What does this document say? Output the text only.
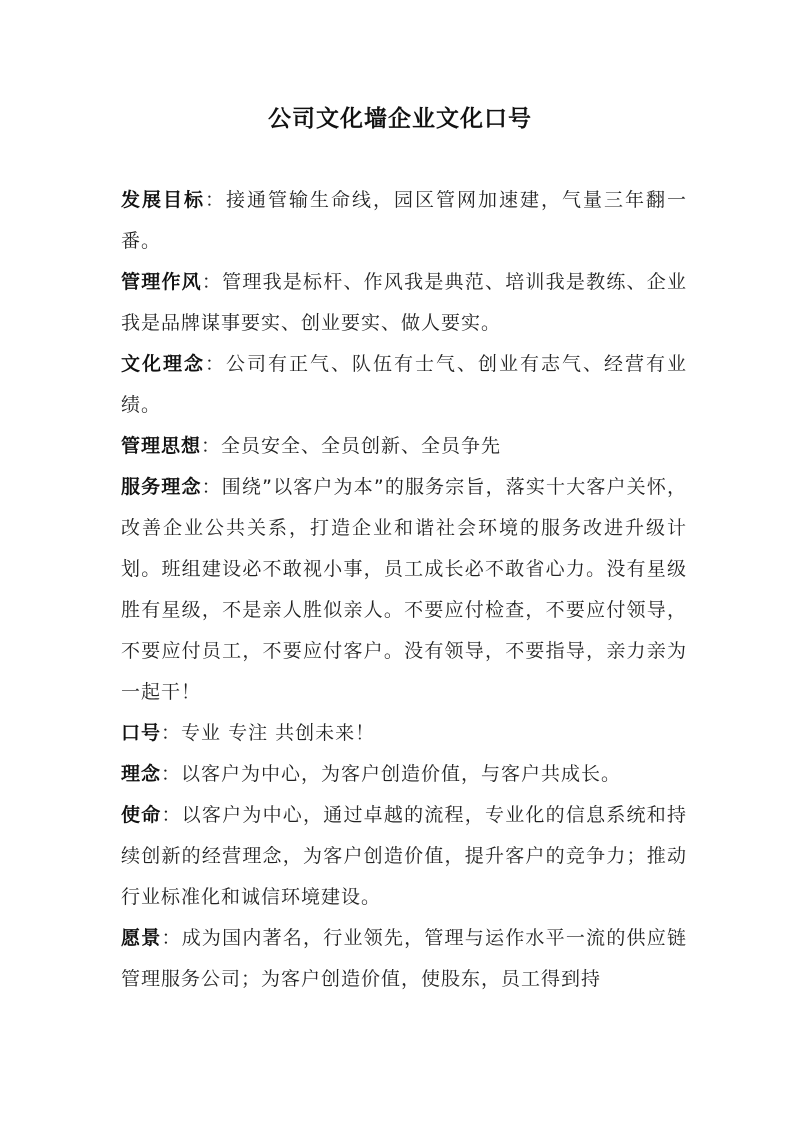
公司文化墙企业文化口号

发展目标：接通管输生命线，园区管网加速建，气量三年翻一番。

管理作风：管理我是标杆、作风我是典范、培训我是教练、企业我是品牌谋事要实、创业要实、做人要实。

文化理念：公司有正气、队伍有士气、创业有志气、经营有业绩。

管理思想：全员安全、全员创新、全员争先

服务理念：围绕”以客户为本”的服务宗旨，落实十大客户关怀，改善企业公共关系，打造企业和谐社会环境的服务改进升级计划。班组建设必不敢视小事，员工成长必不敢省心力。没有星级胜有星级，不是亲人胜似亲人。不要应付检查，不要应付领导，不要应付员工，不要应付客户。没有领导，不要指导，亲力亲为一起干！

口号：专业 专注 共创未来！

理念：以客户为中心，为客户创造价值，与客户共成长。

使命：以客户为中心，通过卓越的流程，专业化的信息系统和持续创新的经营理念，为客户创造价值，提升客户的竞争力；推动行业标准化和诚信环境建设。

愿景：成为国内著名，行业领先，管理与运作水平一流的供应链管理服务公司；为客户创造价值，使股东，员工得到持
